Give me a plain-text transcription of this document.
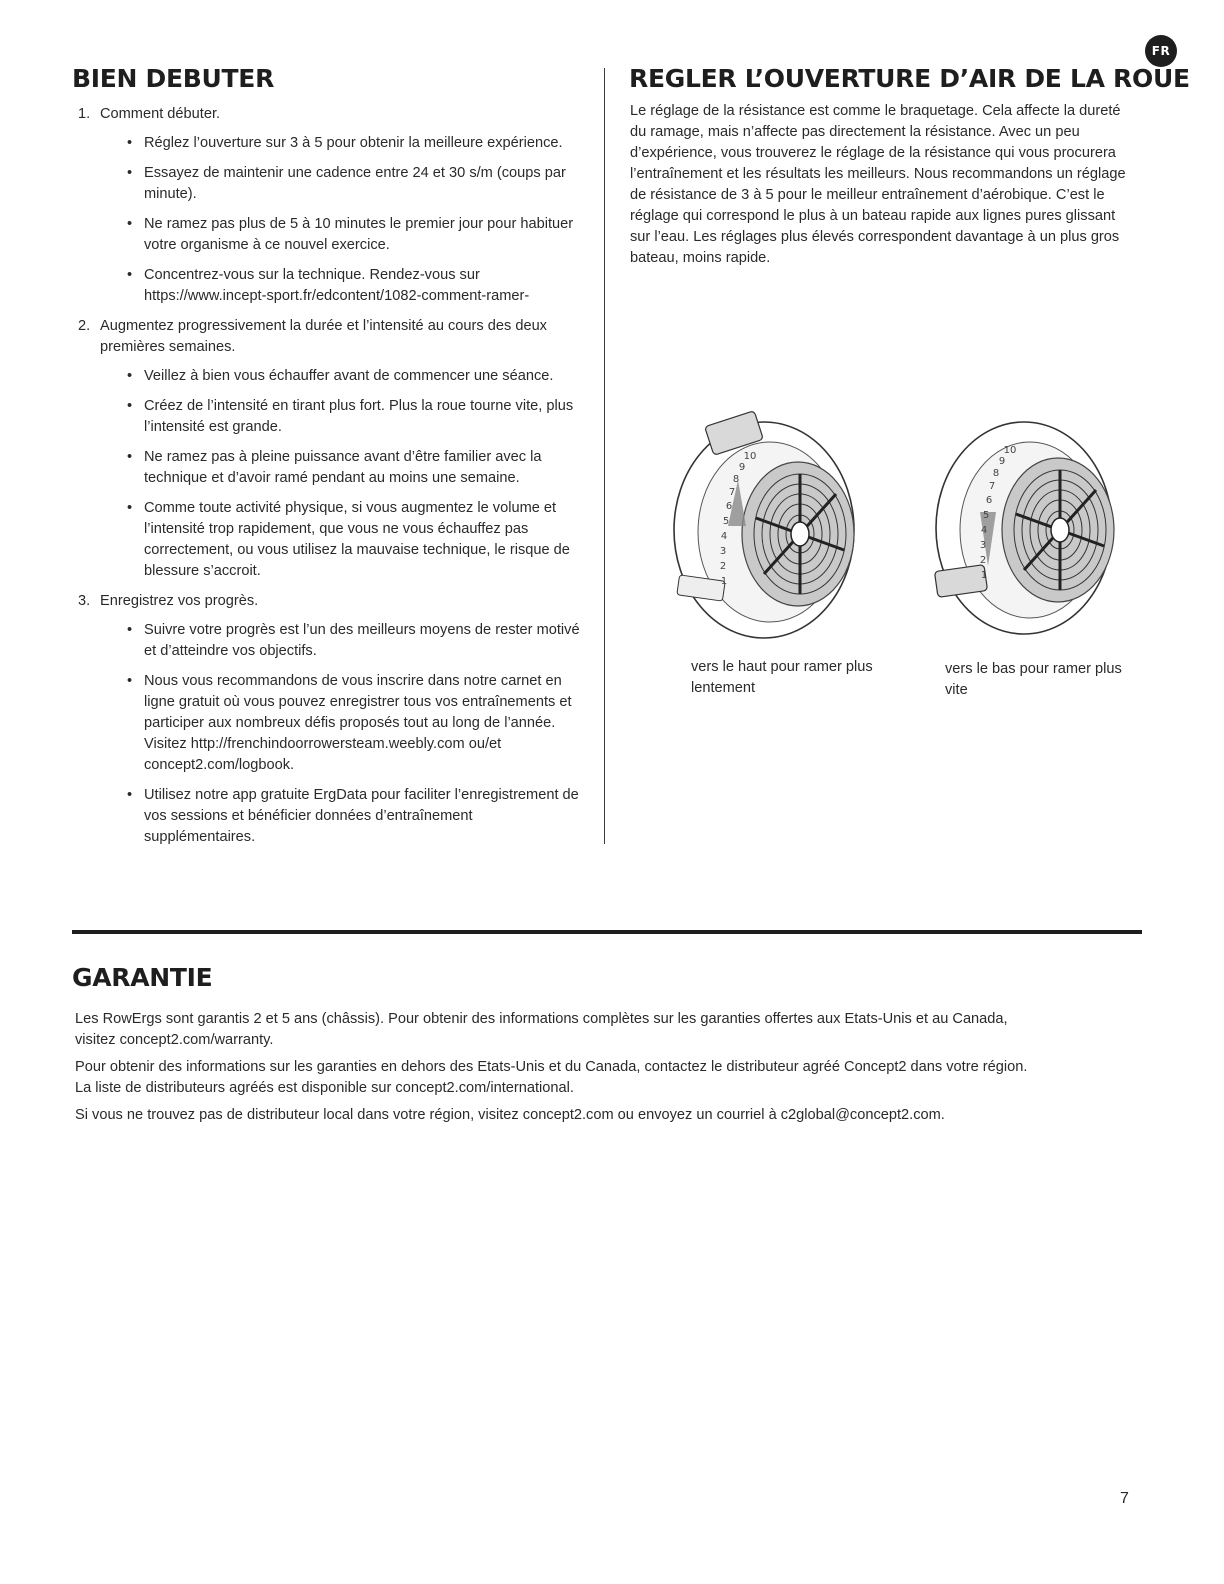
FR
BIEN DEBUTER
1. Comment débuter.
• Réglez l’ouverture sur 3 à 5 pour obtenir la meilleure expérience.
• Essayez de maintenir une cadence entre 24 et 30 s/m (coups par minute).
• Ne ramez pas plus de 5 à 10 minutes le premier jour pour habituer votre organisme à ce nouvel exercice.
• Concentrez-vous sur la technique. Rendez-vous sur https://www.incept-sport.fr/edcontent/1082-comment-ramer-
2. Augmentez progressivement la durée et l’intensité au cours des deux premières semaines.
• Veillez à bien vous échauffer avant de commencer une séance.
• Créez de l’intensité en tirant plus fort. Plus la roue tourne vite, plus l’intensité est grande.
• Ne ramez pas à pleine puissance avant d’être familier avec la technique et d’avoir ramé pendant au moins une semaine.
• Comme toute activité physique, si vous augmentez le volume et l’intensité trop rapidement, que vous ne vous échauffez pas correctement, ou vous utilisez la mauvaise technique, le risque de blessure s’accroit.
3. Enregistrez vos progrès.
• Suivre votre progrès est l’un des meilleurs moyens de rester motivé et d’atteindre vos objectifs.
• Nous vous recommandons de vous inscrire dans notre carnet en ligne gratuit où vous pouvez enregistrer tous vos entraînements et participer aux nombreux défis proposés tout au long de l’année. Visitez http://frenchindoorrowersteam.weebly.com ou/et concept2.com/logbook.
• Utilisez notre app gratuite ErgData pour faciliter l’enregistrement de vos sessions et bénéficier données d’entraînement supplémentaires.
REGLER L’OUVERTURE D’AIR DE LA ROUE

Le réglage de la résistance est comme le braquetage. Cela affecte la dureté du ramage, mais n’affecte pas directement la résistance. Avec un peu d’expérience, vous trouverez le réglage de la résistance qui vous procurera l’entraînement et les résultats les meilleurs. Nous recommandons un réglage de résistance de 3 à 5 pour le meilleur entraînement d’aérobique. C’est le réglage qui correspond le plus à un bateau rapide aux lignes pures glissant sur l’eau. Les réglages plus élevés correspondent davantage à un plus gros bateau, moins rapide.

1
2
3
4
5
6
7
8
9
10
1
2
3
4
5
6
7
8
9
10

vers le haut pour ramer plus lentement

vers le bas pour ramer plus vite

GARANTIE

Les RowErgs sont garantis 2 et 5 ans (châssis). Pour obtenir des informations complètes sur les garanties offertes aux Etats-Unis et au Canada, visitez concept2.com/warranty.

Pour obtenir des informations sur les garanties en dehors des Etats-Unis et du Canada, contactez le distributeur agréé Concept2 dans votre région. La liste de distributeurs agréés est disponible sur concept2.com/international.

Si vous ne trouvez pas de distributeur local dans votre région, visitez concept2.com ou envoyez un courriel à c2global@concept2.com.

7
